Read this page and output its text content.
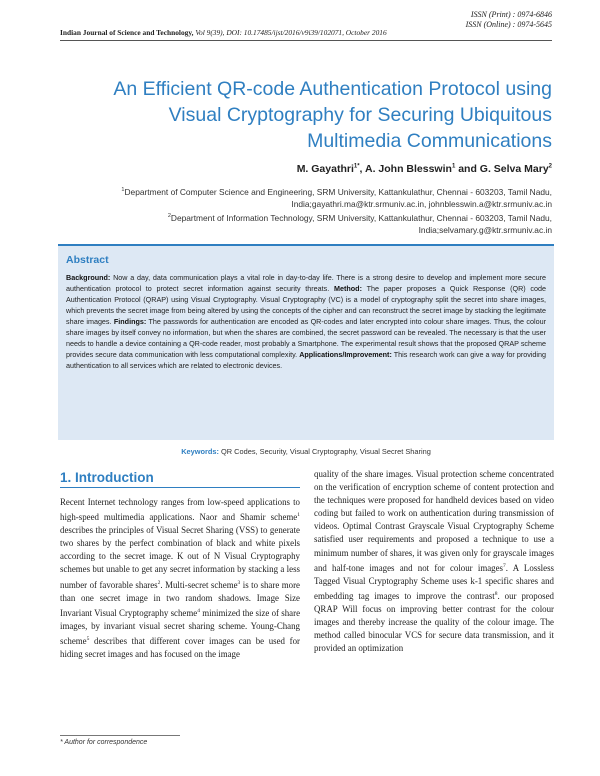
ISSN (Print) : 0974-6846
ISSN (Online) : 0974-5645
Indian Journal of Science and Technology, Vol 9(39), DOI: 10.17485/ijst/2016/v9i39/102071, October 2016
An Efficient QR-code Authentication Protocol using Visual Cryptography for Securing Ubiquitous Multimedia Communications
M. Gayathri$^{1*}$, A. John Blesswin$^1$ and G. Selva Mary$^2$
$^1$Department of Computer Science and Engineering, SRM University, Kattankulathur, Chennai - 603203, Tamil Nadu, India;gayathri.ma@ktr.srmuniv.ac.in, johnblesswin.a@ktr.srmuniv.ac.in
$^2$Department of Information Technology, SRM University, Kattankulathur, Chennai - 603203, Tamil Nadu, India;selvamary.g@ktr.srmuniv.ac.in
Abstract

Background: Now a day, data communication plays a vital role in day-to-day life. There is a strong desire to develop and implement more secure authentication protocol to protect secret information against security threats. Method: The paper proposes a Quick Response (QR) code Authentication Protocol (QRAP) using Visual Cryptography. Visual Cryptography (VC) is a model of cryptography split the secret into share images, which prevents the secret image from being altered by using the concepts of the cipher and can reconstruct the secret image by stacking the legitimate share images. Findings: The passwords for authentication are encoded as QR-codes and later encrypted into colour share images. Thus, the colour share images by itself convey no information, but when the shares are combined, the secret password can be revealed. The necessary is that the user needs to handle a device containing a QR-code reader, most probably a Smartphone. The experimental result shows that the proposed QRAP scheme provides secure data communication with less computational complexity. Applications/Improvement: This research work can give a way for providing authentication to all services which are related to electronic devices.

Keywords: QR Codes, Security, Visual Cryptography, Visual Secret Sharing
1. Introduction
Recent Internet technology ranges from low-speed applications to high-speed multimedia applications. Naor and Shamir scheme$^1$ describes the principles of Visual Secret Sharing (VSS) to generate two shares by the perfect combination of black and white pixels according to the secret image. K out of N Visual Cryptography schemes but unable to get any secret information by stacking a less number of favorable shares$^2$. Multi-secret scheme$^3$ is to share more than one secret image in two random shadows. Image Size Invariant Visual Cryptography scheme$^4$ minimized the size of share images, by invariant visual secret sharing scheme. Young-Chang scheme$^5$ describes that different cover images can be used for hiding secret images and has focused on the image
quality of the share images. Visual protection scheme concentrated on the verification of encryption scheme of content protection and the techniques were proposed for handheld devices based on video coding but failed to work on authentication during transmission of videos. Optimal Contrast Grayscale Visual Cryptography Scheme satisfied user requirements and proposed a technique to use a minimum number of shares, it was given only for grayscale images and half-tone images and not for colour images$^7$. A Lossless Tagged Visual Cryptography Scheme uses k-1 specific shares and embedding tag images to improve the contrast$^8$. our proposed QRAP Will focus on improving better contrast for the colour images and thereby increase the quality of the colour image. The method called binocular VCS for secure data transmission, and it provided an optimization
* Author for correspondence
